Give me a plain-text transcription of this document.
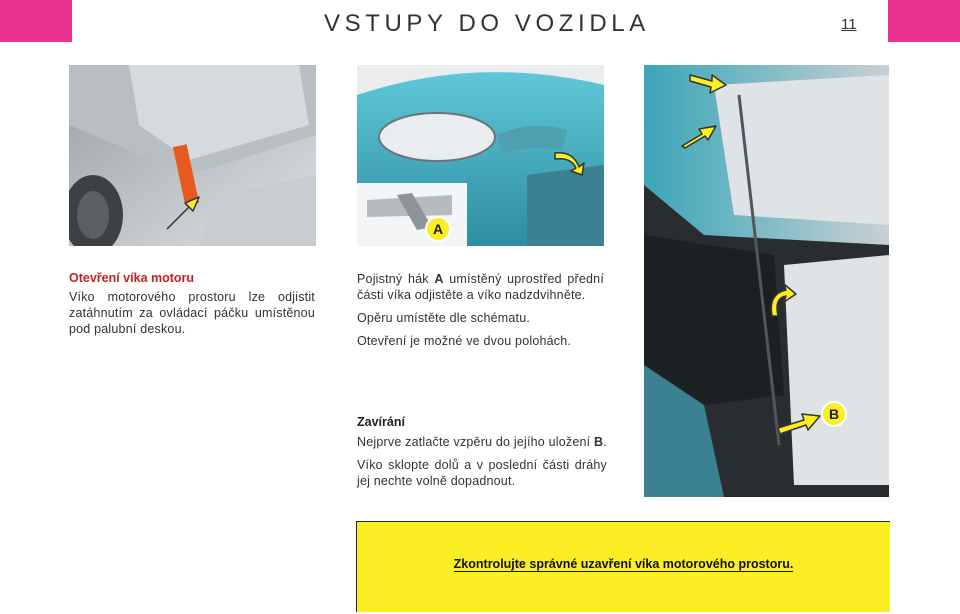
VSTUPY DO VOZIDLA	11
A
B
Otevření víka motoru
Víko motorového prostoru lze odjistit zatáhnutím za ovládací páčku umístěnou pod palubní deskou.

Pojistný hák A umístěný uprostřed přední části víka odjistěte a víko nadzdvihněte.

Opěru umístěte dle schématu.

Otevření je možné ve dvou polohách.

Zavírání

Nejprve zatlačte vzpěru do jejího uložení B.

Víko sklopte dolů a v poslední části dráhy jej nechte volně dopadnout.

Zkontrolujte správné uzavření víka motorového prostoru.
